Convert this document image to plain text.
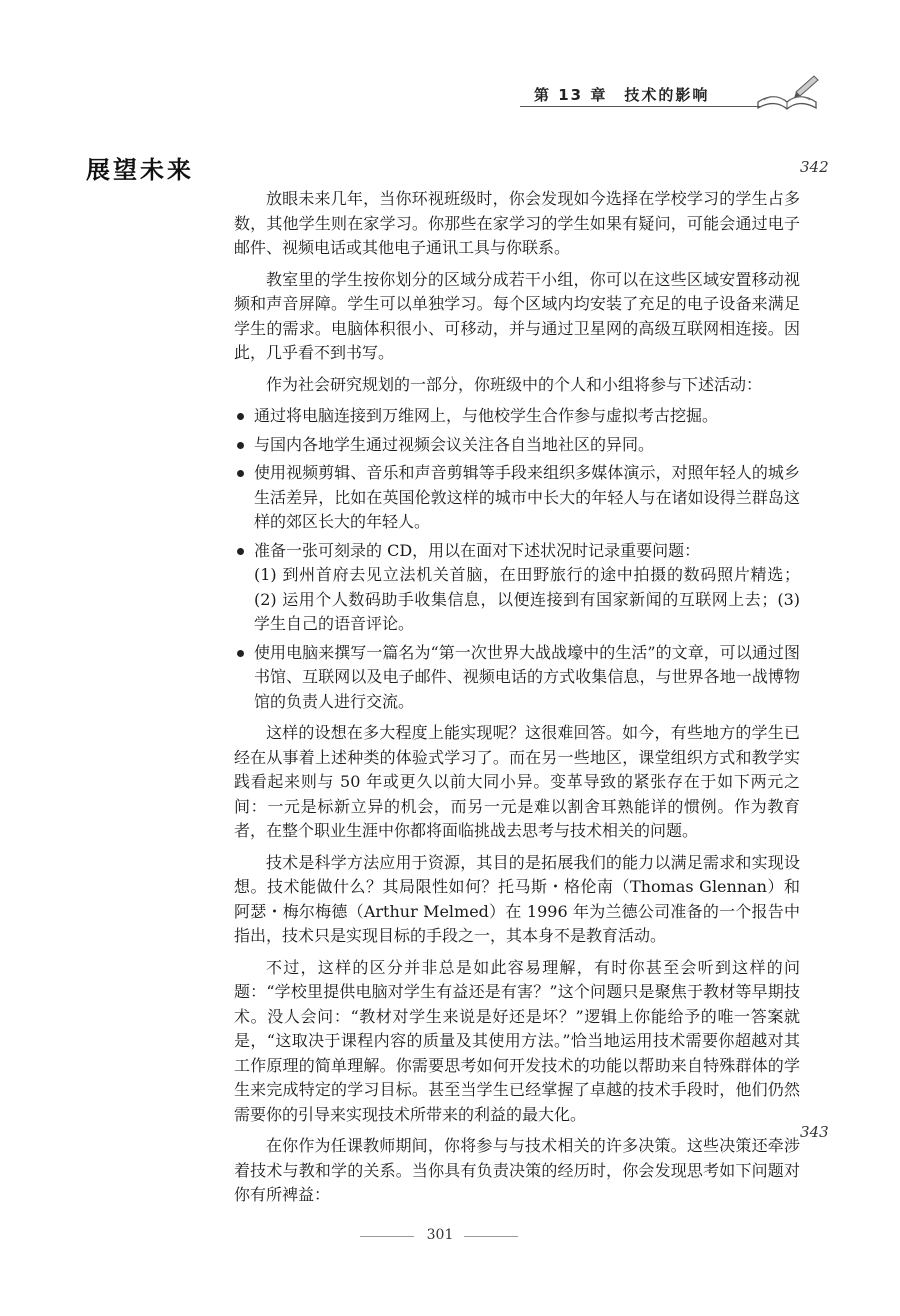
第 13 章　技术的影响
展望未来	342
343

放眼未来几年，当你环视班级时，你会发现如今选择在学校学习的学生占多数，其他学生则在家学习。你那些在家学习的学生如果有疑问，可能会通过电子邮件、视频电话或其他电子通讯工具与你联系。

教室里的学生按你划分的区域分成若干小组，你可以在这些区域安置移动视频和声音屏障。学生可以单独学习。每个区域内均安装了充足的电子设备来满足学生的需求。电脑体积很小、可移动，并与通过卫星网的高级互联网相连接。因此，几乎看不到书写。

作为社会研究规划的一部分，你班级中的个人和小组将参与下述活动：

通过将电脑连接到万维网上，与他校学生合作参与虚拟考古挖掘。
与国内各地学生通过视频会议关注各自当地社区的异同。
使用视频剪辑、音乐和声音剪辑等手段来组织多媒体演示，对照年轻人的城乡生活差异，比如在英国伦敦这样的城市中长大的年轻人与在诸如设得兰群岛这样的郊区长大的年轻人。
准备一张可刻录的 CD，用以在面对下述状况时记录重要问题：
(1) 到州首府去见立法机关首脑，在田野旅行的途中拍摄的数码照片精选；(2) 运用个人数码助手收集信息，以便连接到有国家新闻的互联网上去；(3) 学生自己的语音评论。
使用电脑来撰写一篇名为“第一次世界大战战壕中的生活”的文章，可以通过图书馆、互联网以及电子邮件、视频电话的方式收集信息，与世界各地一战博物馆的负责人进行交流。

这样的设想在多大程度上能实现呢？这很难回答。如今，有些地方的学生已经在从事着上述种类的体验式学习了。而在另一些地区，课堂组织方式和教学实践看起来则与 50 年或更久以前大同小异。变革导致的紧张存在于如下两元之间：一元是标新立异的机会，而另一元是难以割舍耳熟能详的惯例。作为教育者，在整个职业生涯中你都将面临挑战去思考与技术相关的问题。

技术是科学方法应用于资源，其目的是拓展我们的能力以满足需求和实现设想。技术能做什么？其局限性如何？托马斯・格伦南（Thomas Glennan）和阿瑟・梅尔梅德（Arthur Melmed）在 1996 年为兰德公司准备的一个报告中指出，技术只是实现目标的手段之一，其本身不是教育活动。

不过，这样的区分并非总是如此容易理解，有时你甚至会听到这样的问题：“学校里提供电脑对学生有益还是有害？”这个问题只是聚焦于教材等早期技术。没人会问：“教材对学生来说是好还是坏？”逻辑上你能给予的唯一答案就是，“这取决于课程内容的质量及其使用方法。”恰当地运用技术需要你超越对其工作原理的简单理解。你需要思考如何开发技术的功能以帮助来自特殊群体的学生来完成特定的学习目标。甚至当学生已经掌握了卓越的技术手段时，他们仍然需要你的引导来实现技术所带来的利益的最大化。

在你作为任课教师期间，你将参与与技术相关的许多决策。这些决策还牵涉着技术与教和学的关系。当你具有负责决策的经历时，你会发现思考如下问题对你有所裨益：

301
